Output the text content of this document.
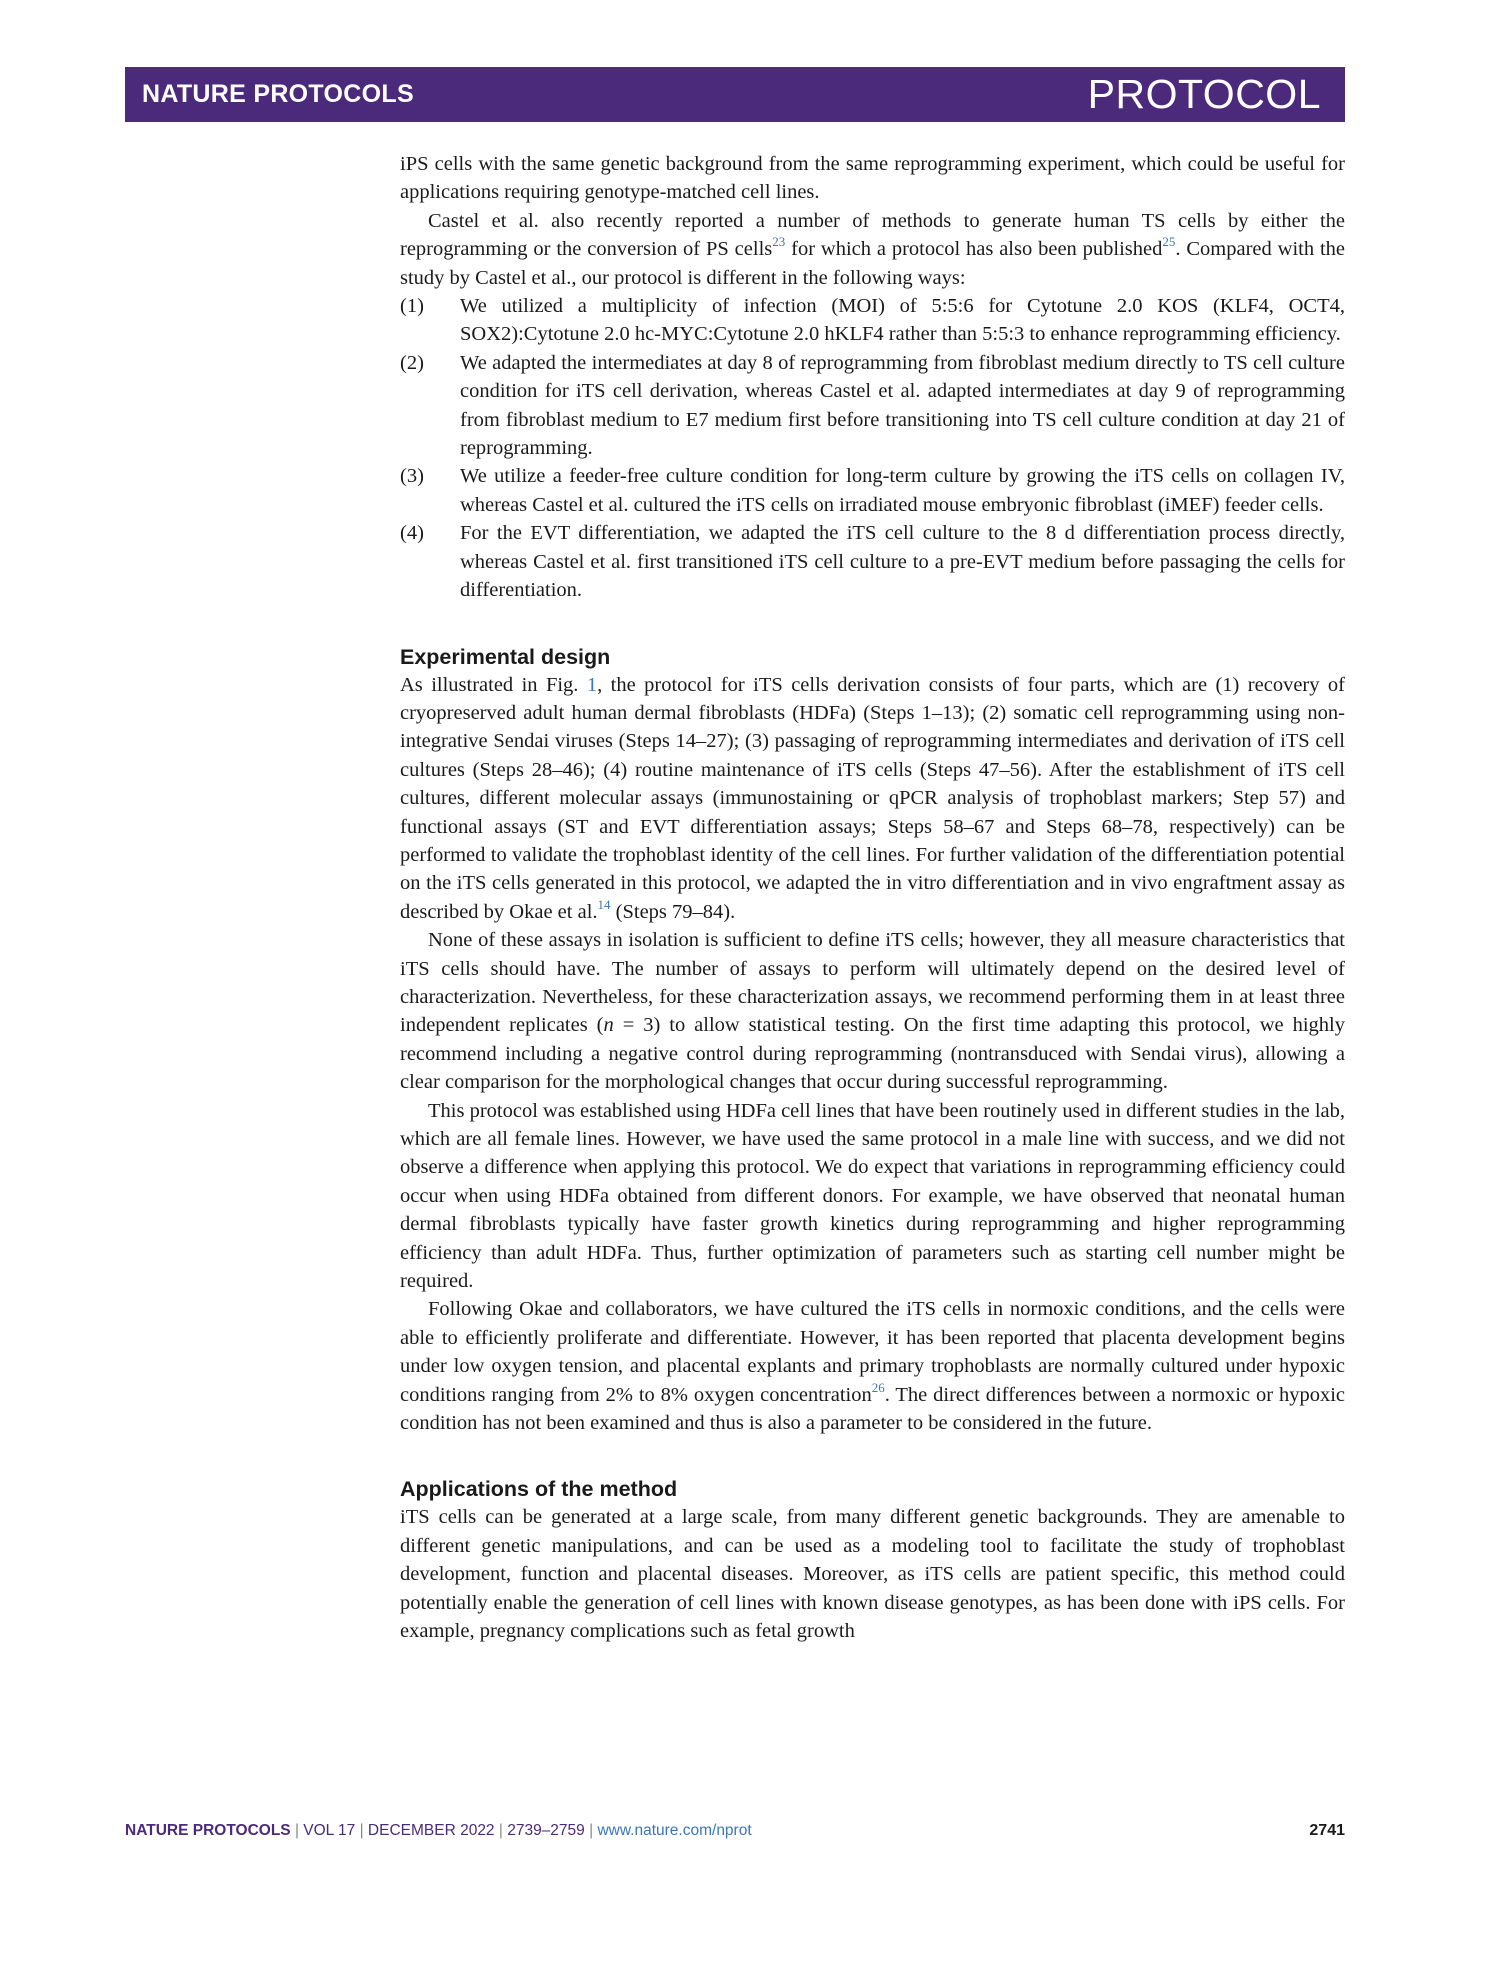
NATURE PROTOCOLS	PROTOCOL

iPS cells with the same genetic background from the same reprogramming experiment, which could be useful for applications requiring genotype-matched cell lines.

Castel et al. also recently reported a number of methods to generate human TS cells by either the reprogramming or the conversion of PS cells$^{23}$ for which a protocol has also been published$^{25}$. Compared with the study by Castel et al., our protocol is different in the following ways:

(1) We utilized a multiplicity of infection (MOI) of 5:5:6 for Cytotune 2.0 KOS (KLF4, OCT4, SOX2):Cytotune 2.0 hc-MYC:Cytotune 2.0 hKLF4 rather than 5:5:3 to enhance reprogramming efficiency.
(2) We adapted the intermediates at day 8 of reprogramming from fibroblast medium directly to TS cell culture condition for iTS cell derivation, whereas Castel et al. adapted intermediates at day 9 of reprogramming from fibroblast medium to E7 medium first before transitioning into TS cell culture condition at day 21 of reprogramming.
(3) We utilize a feeder-free culture condition for long-term culture by growing the iTS cells on collagen IV, whereas Castel et al. cultured the iTS cells on irradiated mouse embryonic fibroblast (iMEF) feeder cells.
(4) For the EVT differentiation, we adapted the iTS cell culture to the 8 d differentiation process directly, whereas Castel et al. first transitioned iTS cell culture to a pre-EVT medium before passaging the cells for differentiation.
Experimental design

As illustrated in Fig. 1, the protocol for iTS cells derivation consists of four parts, which are (1) recovery of cryopreserved adult human dermal fibroblasts (HDFa) (Steps 1–13); (2) somatic cell reprogramming using non-integrative Sendai viruses (Steps 14–27); (3) passaging of reprogramming intermediates and derivation of iTS cell cultures (Steps 28–46); (4) routine maintenance of iTS cells (Steps 47–56). After the establishment of iTS cell cultures, different molecular assays (immunostaining or qPCR analysis of trophoblast markers; Step 57) and functional assays (ST and EVT differentiation assays; Steps 58–67 and Steps 68–78, respectively) can be performed to validate the trophoblast identity of the cell lines. For further validation of the differentiation potential on the iTS cells generated in this protocol, we adapted the in vitro differentiation and in vivo engraftment assay as described by Okae et al.$^{14}$ (Steps 79–84).

None of these assays in isolation is sufficient to define iTS cells; however, they all measure characteristics that iTS cells should have. The number of assays to perform will ultimately depend on the desired level of characterization. Nevertheless, for these characterization assays, we recommend performing them in at least three independent replicates (n = 3) to allow statistical testing. On the first time adapting this protocol, we highly recommend including a negative control during reprogramming (nontransduced with Sendai virus), allowing a clear comparison for the morphological changes that occur during successful reprogramming.

This protocol was established using HDFa cell lines that have been routinely used in different studies in the lab, which are all female lines. However, we have used the same protocol in a male line with success, and we did not observe a difference when applying this protocol. We do expect that variations in reprogramming efficiency could occur when using HDFa obtained from different donors. For example, we have observed that neonatal human dermal fibroblasts typically have faster growth kinetics during reprogramming and higher reprogramming efficiency than adult HDFa. Thus, further optimization of parameters such as starting cell number might be required.

Following Okae and collaborators, we have cultured the iTS cells in normoxic conditions, and the cells were able to efficiently proliferate and differentiate. However, it has been reported that placenta development begins under low oxygen tension, and placental explants and primary trophoblasts are normally cultured under hypoxic conditions ranging from 2% to 8% oxygen concentration$^{26}$. The direct differences between a normoxic or hypoxic condition has not been examined and thus is also a parameter to be considered in the future.

Applications of the method

iTS cells can be generated at a large scale, from many different genetic backgrounds. They are amenable to different genetic manipulations, and can be used as a modeling tool to facilitate the study of trophoblast development, function and placental diseases. Moreover, as iTS cells are patient specific, this method could potentially enable the generation of cell lines with known disease genotypes, as has been done with iPS cells. For example, pregnancy complications such as fetal growth

NATURE PROTOCOLS | VOL 17 | DECEMBER 2022 | 2739–2759 | www.nature.com/nprot	2741
